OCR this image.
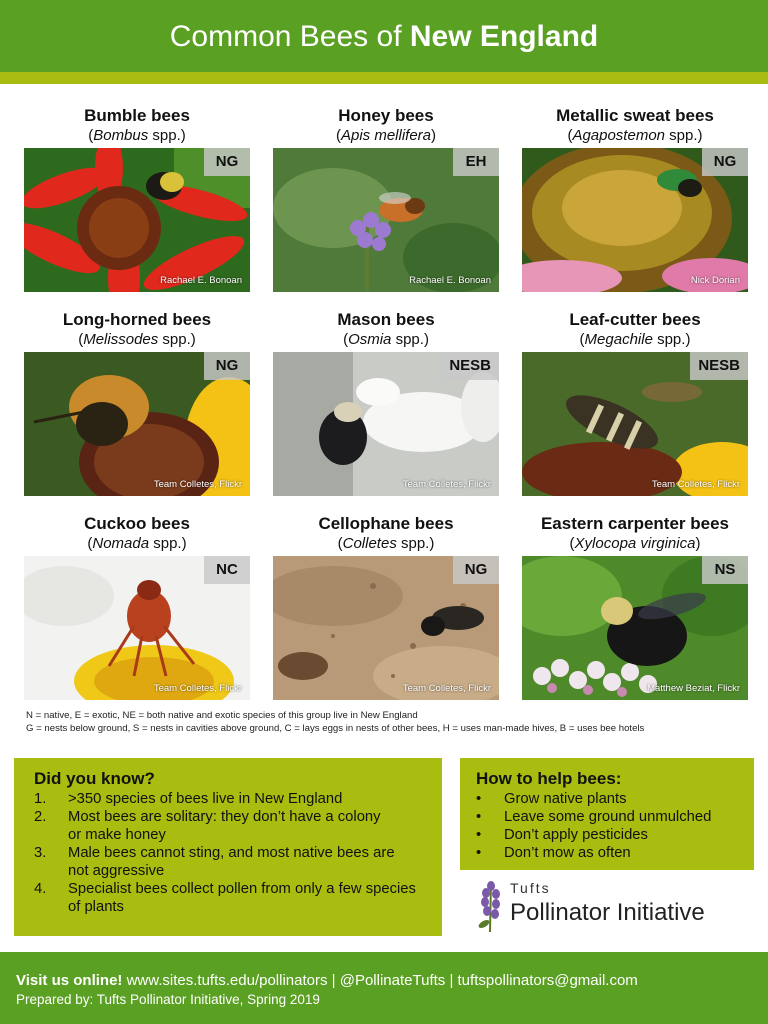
Common Bees of New England
Bumble bees
(Bombus spp.)
NG
Rachael E. Bonoan
Honey bees
(Apis mellifera)
EH
Rachael E. Bonoan
Metallic sweat bees
(Agapostemon spp.)
NG
Nick Dorian
Long-horned bees
(Melissodes spp.)
NG
Team Colletes, Flickr
Mason bees
(Osmia spp.)
NESB
Team Colletes, Flickr
Leaf-cutter bees
(Megachile spp.)
NESB
Team Colletes, Flickr
Cuckoo bees
(Nomada spp.)
NC
Team Colletes, Flickr
Cellophane bees
(Colletes spp.)
NG
Team Colletes, Flickr
Eastern carpenter bees
(Xylocopa virginica)
NS
Matthew Beziat, Flickr
N = native, E = exotic, NE = both native and exotic species of this group live in New England
G = nests below ground, S = nests in cavities above ground, C = lays eggs in nests of other bees, H = uses man-made hives, B = uses bee hotels
Did you know?
1. >350 species of bees live in New England
2. Most bees are solitary: they don’t have a colony or make honey
3. Male bees cannot sting, and most native bees are not aggressive
4. Specialist bees collect pollen from only a few species of plants
How to help bees:
• Grow native plants
• Leave some ground unmulched
• Don’t apply pesticides
• Don’t mow as often
Tufts
Pollinator Initiative
Visit us online! www.sites.tufts.edu/pollinators | @PollinateTufts | tuftspollinators@gmail.com
Prepared by: Tufts Pollinator Initiative, Spring 2019
